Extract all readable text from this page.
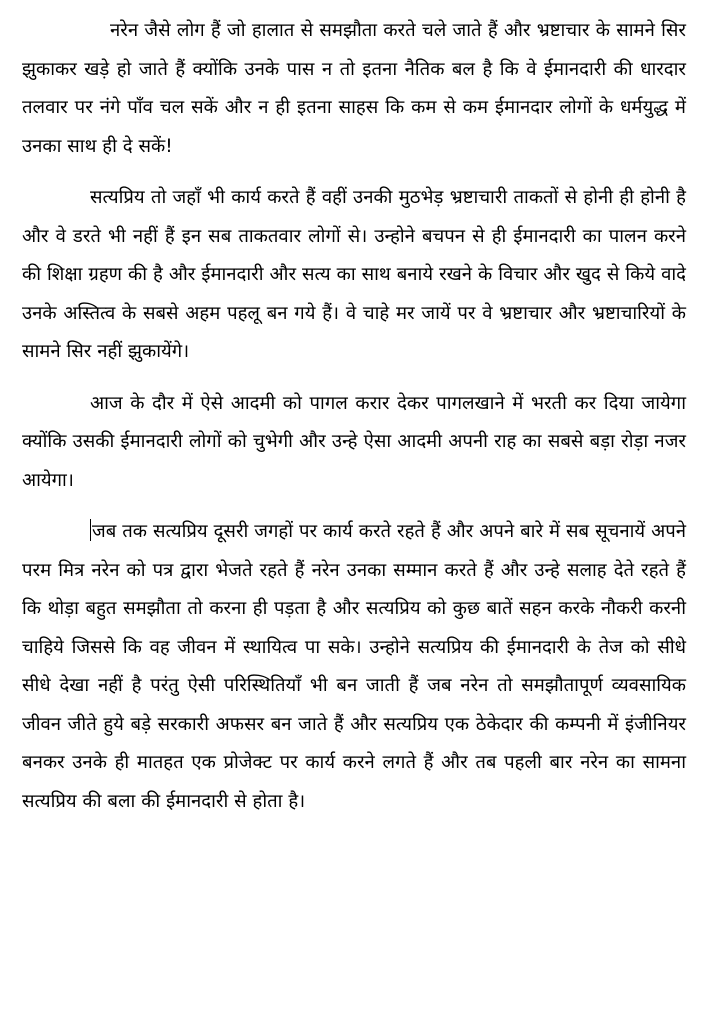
नरेन जैसे लोग हैं जो हालात से समझौता करते चले जाते हैं और भ्रष्टाचार के सामने सिर झुकाकर खड़े हो जाते हैं क्योंकि उनके पास न तो इतना नैतिक बल है कि वे ईमानदारी की धारदार तलवार पर नंगे पाँव चल सकें और न ही इतना साहस कि कम से कम ईमानदार लोगों के धर्मयुद्ध में उनका साथ ही दे सकें!

सत्यप्रिय तो जहाँ भी कार्य करते हैं वहीं उनकी मुठभेड़ भ्रष्टाचारी ताकतों से होनी ही होनी है और वे डरते भी नहीं हैं इन सब ताकतवार लोगों से। उन्होने बचपन से ही ईमानदारी का पालन करने की शिक्षा ग्रहण की है और ईमानदारी और सत्य का साथ बनाये रखने के विचार और खुद से किये वादे उनके अस्तित्व के सबसे अहम पहलू बन गये हैं। वे चाहे मर जायें पर वे भ्रष्टाचार और भ्रष्टाचारियों के सामने सिर नहीं झुकायेंगे।

आज के दौर में ऐसे आदमी को पागल करार देकर पागलखाने में भरती कर दिया जायेगा क्योंकि उसकी ईमानदारी लोगों को चुभेगी और उन्हे ऐसा आदमी अपनी राह का सबसे बड़ा रोड़ा नजर आयेगा।

जब तक सत्यप्रिय दूसरी जगहों पर कार्य करते रहते हैं और अपने बारे में सब सूचनायें अपने परम मित्र नरेन को पत्र द्वारा भेजते रहते हैं नरेन उनका सम्मान करते हैं और उन्हे सलाह देते रहते हैं कि थोड़ा बहुत समझौता तो करना ही पड़ता है और सत्यप्रिय को कुछ बातें सहन करके नौकरी करनी चाहिये जिससे कि वह जीवन में स्थायित्व पा सके। उन्होने सत्यप्रिय की ईमानदारी के तेज को सीधे सीधे देखा नहीं है परंतु ऐसी परिस्थितियाँ भी बन जाती हैं जब नरेन तो समझौतापूर्ण व्यवसायिक जीवन जीते हुये बड़े सरकारी अफसर बन जाते हैं और सत्यप्रिय एक ठेकेदार की कम्पनी में इंजीनियर बनकर उनके ही मातहत एक प्रोजेक्ट पर कार्य करने लगते हैं और तब पहली बार नरेन का सामना सत्यप्रिय की बला की ईमानदारी से होता है।
